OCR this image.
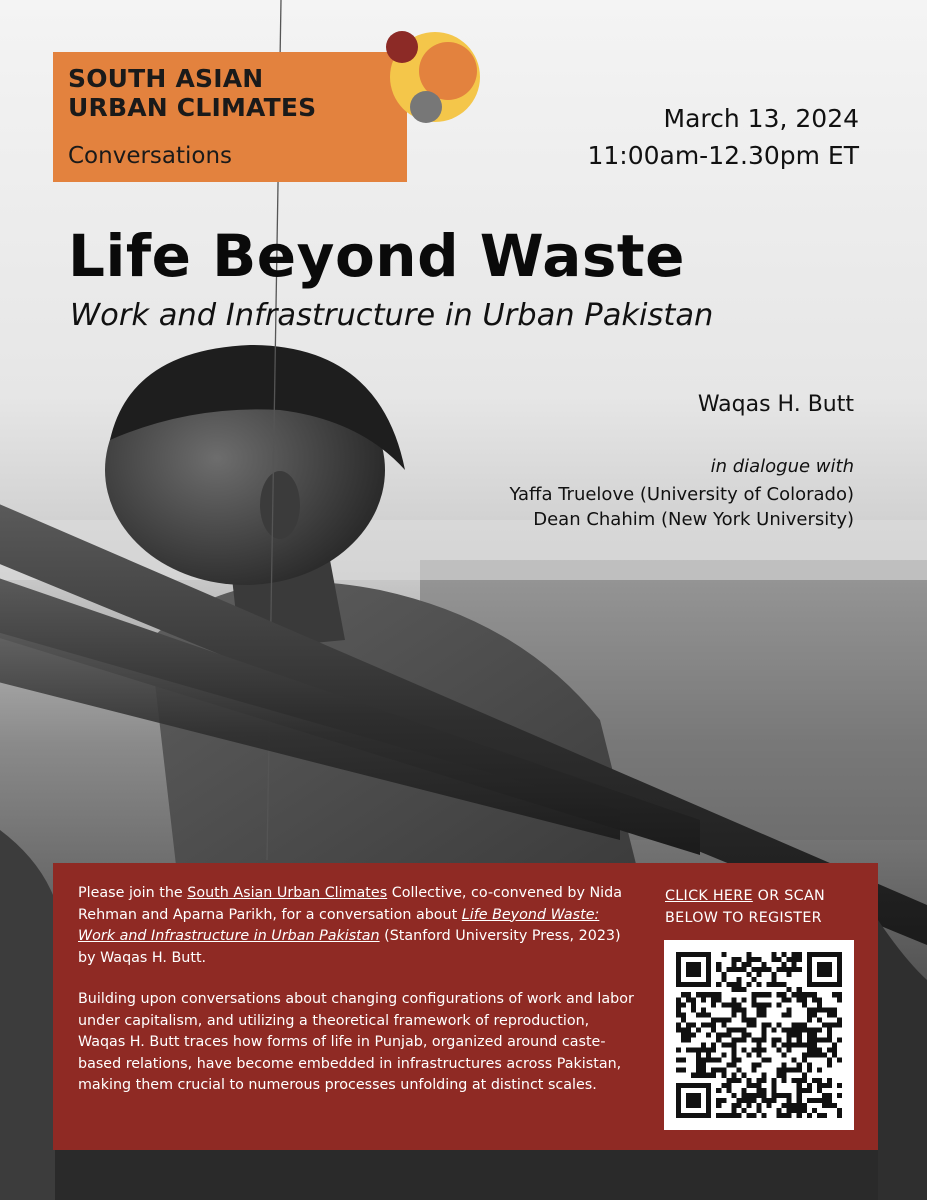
SOUTH ASIAN
URBAN CLIMATES
Conversations
March 13, 2024
11:00am-12.30pm ET
Life Beyond Waste
Work and Infrastructure in Urban Pakistan
Waqas H. Butt
in dialogue with
Yaffa Truelove (University of Colorado)
Dean Chahim (New York University)
Please join the South Asian Urban Climates Collective, co-convened by Nida Rehman and Aparna Parikh, for a conversation about Life Beyond Waste: Work and Infrastructure in Urban Pakistan (Stanford University Press, 2023) by Waqas H. Butt.
Building upon conversations about changing configurations of work and labor under capitalism, and utilizing a theoretical framework of reproduction, Waqas H. Butt traces how forms of life in Punjab, organized around caste-based relations, have become embedded in infrastructures across Pakistan, making them crucial to numerous processes unfolding at distinct scales.
CLICK HERE OR SCAN BELOW TO REGISTER
